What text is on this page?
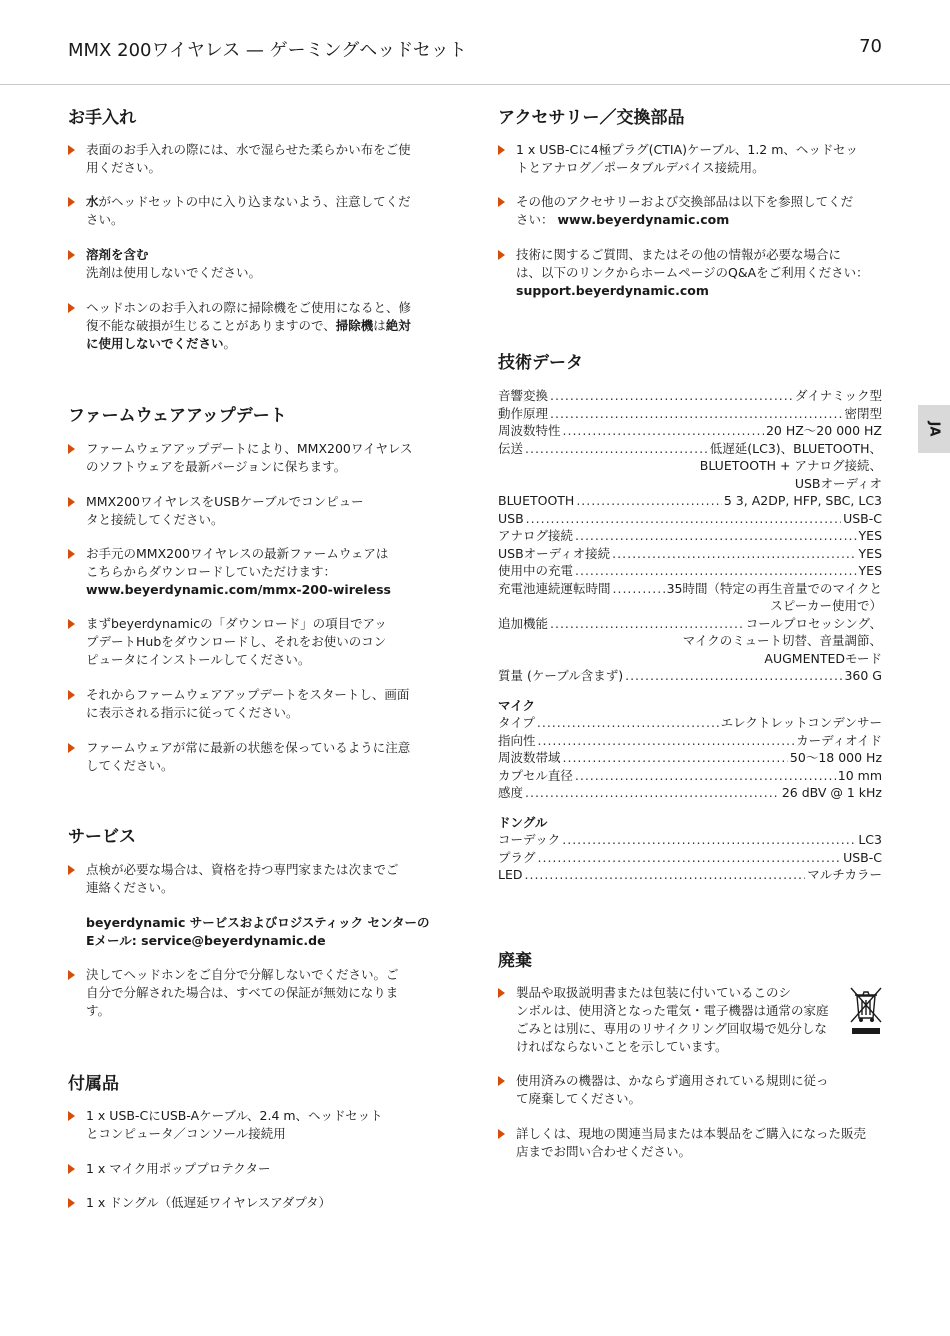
MMX 200ワイヤレス — ゲーミングヘッドセット	70
JA
お手入れ
表面のお手入れの際には、水で湿らせた柔らかい布をご使
用ください。
水がヘッドセットの中に入り込まないよう、注意してくだ
さい。
溶剤を含む
洗剤は使用しないでください。
ヘッドホンのお手入れの際に掃除機をご使用になると、修
復不能な破損が生じることがありますので、掃除機は絶対
に使用しないでください。
ファームウェアアップデート
ファームウェアアップデートにより、MMX200ワイヤレス
のソフトウェアを最新バージョンに保ちます。
MMX200ワイヤレスをUSBケーブルでコンピュー
タと接続してください。
お手元のMMX200ワイヤレスの最新ファームウェアは
こちらからダウンロードしていただけます：
www.beyerdynamic.com/mmx-200-wireless
まずbeyerdynamicの「ダウンロード」の項目でアッ
プデートHubをダウンロードし、それをお使いのコン
ピュータにインストールしてください。
それからファームウェアアップデートをスタートし、画面
に表示される指示に従ってください。
ファームウェアが常に最新の状態を保っているように注意
してください。
サービス
点検が必要な場合は、資格を持つ専門家または次までご
連絡ください。
beyerdynamic サービスおよびロジスティック センターの
Eメール: service@beyerdynamic.de
決してヘッドホンをご自分で分解しないでください。ご
自分で分解された場合は、すべての保証が無効になりま
す。
付属品
1 x USB-CにUSB-Aケーブル、2.4 m、ヘッドセット
とコンピュータ／コンソール接続用
1 x マイク用ポッププロテクター
1 x ドングル（低遅延ワイヤレスアダプタ）
アクセサリー／交換部品
1 x USB-Cに4極プラグ(CTIA)ケーブル、1.2 m、ヘッドセッ
トとアナログ／ポータブルデバイス接続用。
その他のアクセサリーおよび交換部品は以下を参照してくだ
さい： www.beyerdynamic.com
技術に関するご質問、またはその他の情報が必要な場合に
は、以下のリンクからホームページのQ&Aをご利用ください：
support.beyerdynamic.com
技術データ
音響変換 .....	ダイナミック型
動作原理 .....	密閉型
周波数特性 .....	20 HZ〜20 000 HZ
伝送 .....	低遅延(LC3)、BLUETOOTH、
BLUETOOTH + アナログ接続、
USBオーディオ
BLUETOOTH .....	5 3, A2DP, HFP, SBC, LC3
USB .....	USB-C
アナログ接続 .....	YES
USBオーディオ接続 .....	YES
使用中の充電 .....	YES
充電池連続運転時間 .....	35時間（特定の再生音量でのマイクと
スピーカー使用で）
追加機能 .....	コールプロセッシング、
マイクのミュート切替、音量調節、
AUGMENTEDモード
質量 (ケーブル含まず) .....	360 G
マイク
タイプ .....	エレクトレットコンデンサー
指向性 .....	カーディオイド
周波数帯域 .....	50〜18 000 Hz
カプセル直径 .....	10 mm
感度 .....	26 dBV @ 1 kHz
ドングル
コーデック .....	LC3
プラグ .....	USB-C
LED .....	マルチカラー
廃棄
製品や取扱説明書または包装に付いているこのシ
ンボルは、使用済となった電気・電子機器は通常の家庭
ごみとは別に、専用のリサイクリング回収場で処分しな
ければならないことを示しています。
使用済みの機器は、かならず適用されている規則に従っ
て廃棄してください。
詳しくは、現地の関連当局または本製品をご購入になった販売
店までお問い合わせください。
